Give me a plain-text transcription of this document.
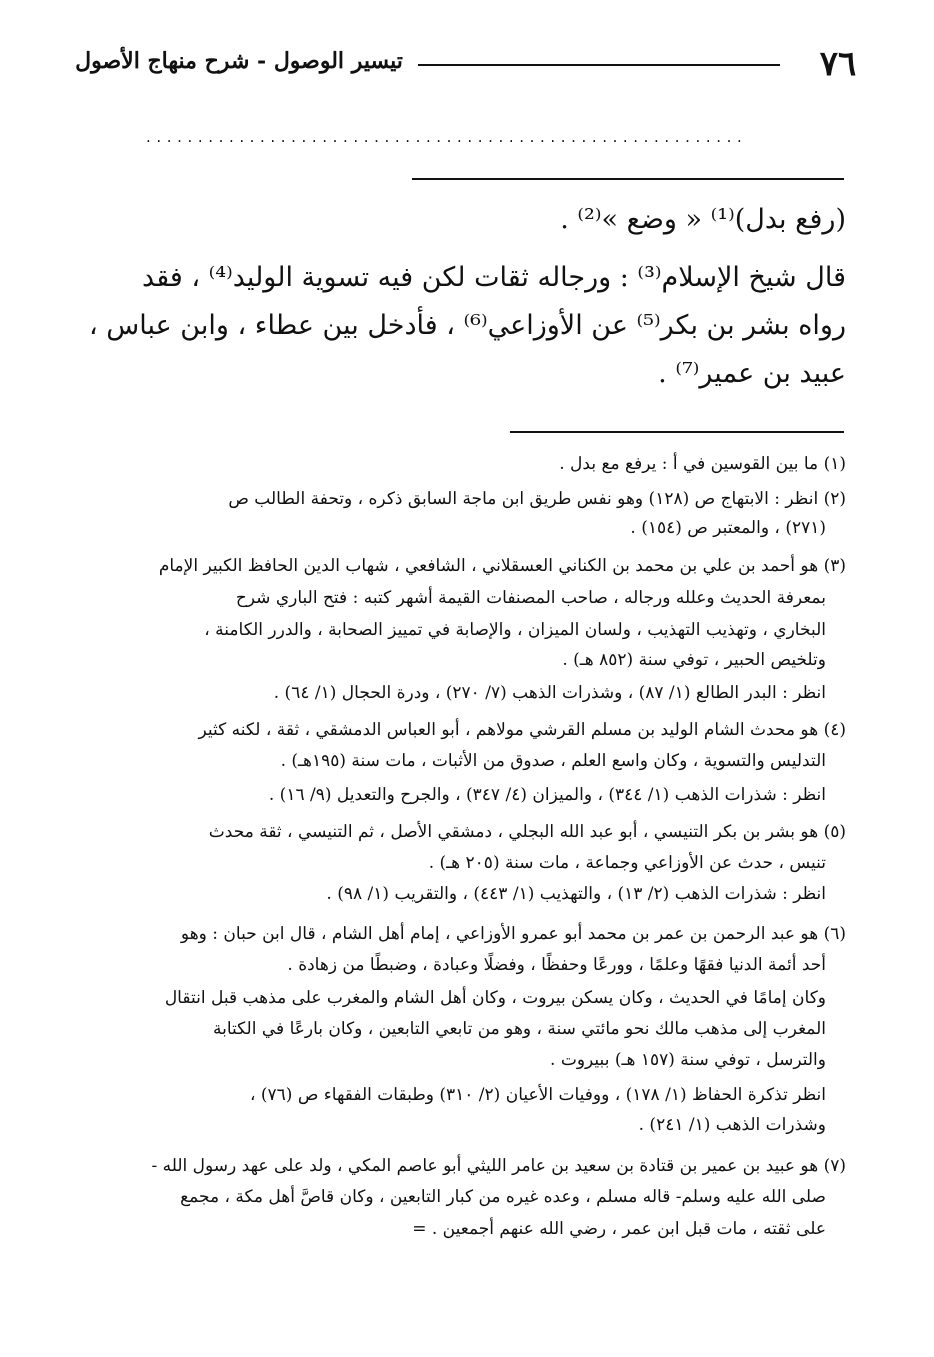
٧٦
تيسير الوصول - شرح منهاج الأصول
..........................................................
(رفع بدل)⁽¹⁾ « وضع »⁽²⁾ .
قال شيخ الإسلام⁽³⁾ : ورجاله ثقات لكن فيه تسوية الوليد⁽⁴⁾ ، فقد
رواه بشر بن بكر⁽⁵⁾ عن الأوزاعي⁽⁶⁾ ، فأدخل بين عطاء ، وابن عباس ،
عبيد بن عمير⁽⁷⁾ .
(١) ما بين القوسين في أ : يرفع مع بدل .
(٢) انظر : الابتهاج ص (١٢٨) وهو نفس طريق ابن ماجة السابق ذكره ، وتحفة الطالب ص
(٢٧١) ، والمعتبر ص (١٥٤) .
(٣) هو أحمد بن علي بن محمد بن الكناني العسقلاني ، الشافعي ، شهاب الدين الحافظ الكبير الإمام
بمعرفة الحديث وعلله ورجاله ، صاحب المصنفات القيمة أشهر كتبه : فتح الباري شرح
البخاري ، وتهذيب التهذيب ، ولسان الميزان ، والإصابة في تمييز الصحابة ، والدرر الكامنة ،
وتلخيص الحبير ، توفي سنة (٨٥٢ هـ) .
انظر : البدر الطالع (١/ ٨٧) ، وشذرات الذهب (٧/ ٢٧٠) ، ودرة الحجال (١/ ٦٤) .
(٤) هو محدث الشام الوليد بن مسلم القرشي مولاهم ، أبو العباس الدمشقي ، ثقة ، لكنه كثير
التدليس والتسوية ، وكان واسع العلم ، صدوق من الأثبات ، مات سنة (١٩٥هـ) .
انظر : شذرات الذهب (١/ ٣٤٤) ، والميزان (٤/ ٣٤٧) ، والجرح والتعديل (٩/ ١٦) .
(٥) هو بشر بن بكر التنيسي ، أبو عبد الله البجلي ، دمشقي الأصل ، ثم التنيسي ، ثقة محدث
تنيس ، حدث عن الأوزاعي وجماعة ، مات سنة (٢٠٥ هـ) .
انظر : شذرات الذهب (٢/ ١٣) ، والتهذيب (١/ ٤٤٣) ، والتقريب (١/ ٩٨) .
(٦) هو عبد الرحمن بن عمر بن محمد أبو عمرو الأوزاعي ، إمام أهل الشام ، قال ابن حبان : وهو
أحد أئمة الدنيا فقهًا وعلمًا ، وورعًا وحفظًا ، وفضلًا وعبادة ، وضبطًا من زهادة .
وكان إمامًا في الحديث ، وكان يسكن بيروت ، وكان أهل الشام والمغرب على مذهب قبل انتقال
المغرب إلى مذهب مالك نحو مائتي سنة ، وهو من تابعي التابعين ، وكان بارعًا في الكتابة
والترسل ، توفي سنة (١٥٧ هـ) ببيروت .
انظر تذكرة الحفاظ (١/ ١٧٨) ، ووفيات الأعيان (٢/ ٣١٠) وطبقات الفقهاء ص (٧٦) ،
وشذرات الذهب (١/ ٢٤١) .
(٧) هو عبيد بن عمير بن قتادة بن سعيد بن عامر الليثي أبو عاصم المكي ، ولد على عهد رسول الله -
صلى الله عليه وسلم- قاله مسلم ، وعده غيره من كبار التابعين ، وكان قاصَّ أهل مكة ، مجمع
على ثقته ، مات قبل ابن عمر ، رضي الله عنهم أجمعين . =
